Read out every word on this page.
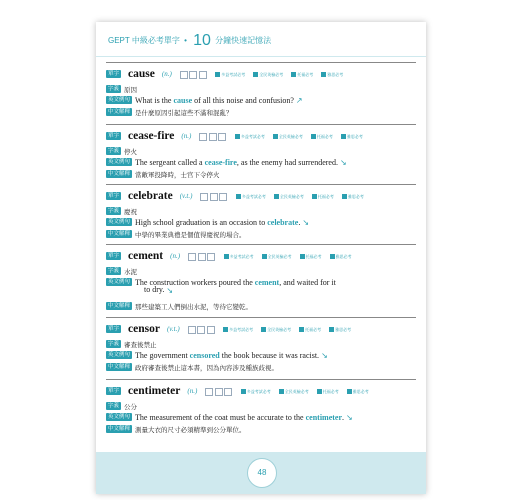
GEPT 中級必考單字 • 10 分鐘快速記憶法
單字 cause (n.)	多益考試必考	全民英檢必考	托福必考	雅思必考
字義 原因
英文例句 What is the cause of all this noise and confusion? ↗
中文解釋 是什麼原因引起這些不滿和混亂？
單字 cease-fire (n.)	多益考試必考	全民英檢必考	托福必考	雅思必考
字義 停火
英文例句 The sergeant called a cease-fire, as the enemy had surrendered. ↘
中文解釋 當敵軍投降時，士官下令停火
單字 celebrate (v.t.)	多益考試必考	全民英檢必考	托福必考	雅思必考
字義 慶祝
英文例句 High school graduation is an occasion to celebrate. ↘
中文解釋 中學的畢業典禮是個值得慶祝的場合。
單字 cement (n.)	多益考試必考	全民英檢必考	托福必考	雅思必考
字義 水泥
英文例句 The construction workers poured the cement, and waited for it
to dry. ↘
中文解釋 那些建築工人們倒出水泥，等待它變乾。
單字 censor (v.t.)	多益考試必考	全民英檢必考	托福必考	雅思必考
字義 審查後禁止
英文例句 The government censored the book because it was racist. ↘
中文解釋 政府審查後禁止這本書，因為內容涉及種族歧視。
單字 centimeter (n.)	多益考試必考	全民英檢必考	托福必考	雅思必考
字義 公分
英文例句 The measurement of the coat must be accurate to the centimeter. ↘
中文解釋 測量大衣的尺寸必須精準到公分單位。
48
